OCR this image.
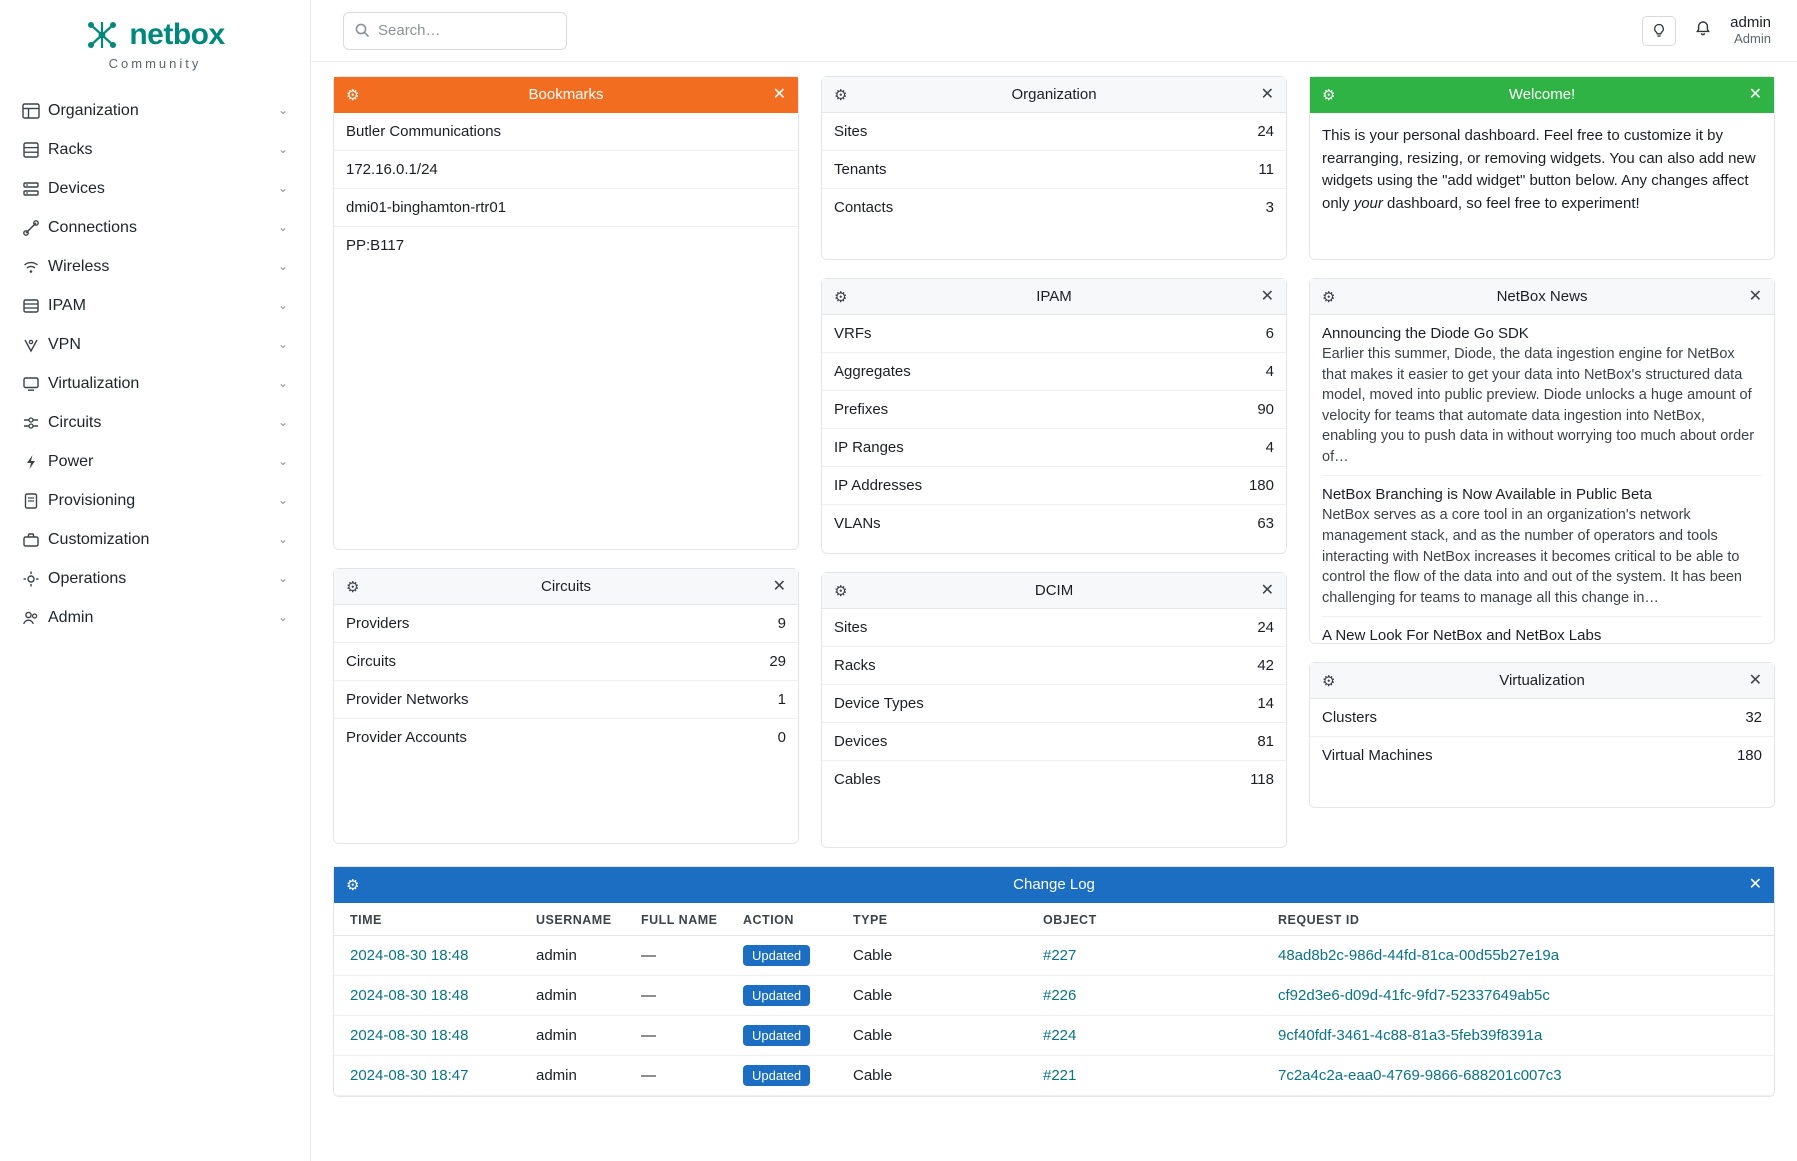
netbox
Community
Organization	⌄
Racks	⌄
Devices	⌄
Connections	⌄
Wireless	⌄
IPAM	⌄
VPN	⌄
Virtualization	⌄
Circuits	⌄
Power	⌄
Provisioning	⌄
Customization	⌄
Operations	⌄
Admin	⌄
Search…
admin
Admin
⚙	Bookmarks	✕
Butler Communications
172.16.0.1/24
dmi01-binghamton-rtr01
PP:B117
⚙	Circuits	✕
Providers	9
Circuits	29
Provider Networks	1
Provider Accounts	0
⚙	Organization	✕
Sites	24
Tenants	11
Contacts	3
⚙	IPAM	✕
VRFs	6
Aggregates	4
Prefixes	90
IP Ranges	4
IP Addresses	180
VLANs	63
⚙	DCIM	✕
Sites	24
Racks	42
Device Types	14
Devices	81
Cables	118
⚙	Welcome!	✕
This is your personal dashboard. Feel free to customize it by rearranging, resizing, or removing widgets. You can also add new widgets using the "add widget" button below. Any changes affect only your dashboard, so feel free to experiment!
⚙	NetBox News	✕
Announcing the Diode Go SDK
Earlier this summer, Diode, the data ingestion engine for NetBox that makes it easier to get your data into NetBox's structured data model, moved into public preview. Diode unlocks a huge amount of velocity for teams that automate data ingestion into NetBox, enabling you to push data in without worrying too much about order of…
NetBox Branching is Now Available in Public Beta
NetBox serves as a core tool in an organization's network management stack, and as the number of operators and tools interacting with NetBox increases it becomes critical to be able to control the flow of the data into and out of the system. It has been challenging for teams to manage all this change in…
A New Look For NetBox and NetBox Labs
⚙	Virtualization	✕
Clusters	32
Virtual Machines	180
⚙	Change Log	✕
TIME	USERNAME	FULL NAME	ACTION	TYPE	OBJECT	REQUEST ID
2024-08-30 18:48	admin	—	Updated	Cable	#227	48ad8b2c-986d-44fd-81ca-00d55b27e19a
2024-08-30 18:48	admin	—	Updated	Cable	#226	cf92d3e6-d09d-41fc-9fd7-52337649ab5c
2024-08-30 18:48	admin	—	Updated	Cable	#224	9cf40fdf-3461-4c88-81a3-5feb39f8391a
2024-08-30 18:47	admin	—	Updated	Cable	#221	7c2a4c2a-eaa0-4769-9866-688201c007c3
